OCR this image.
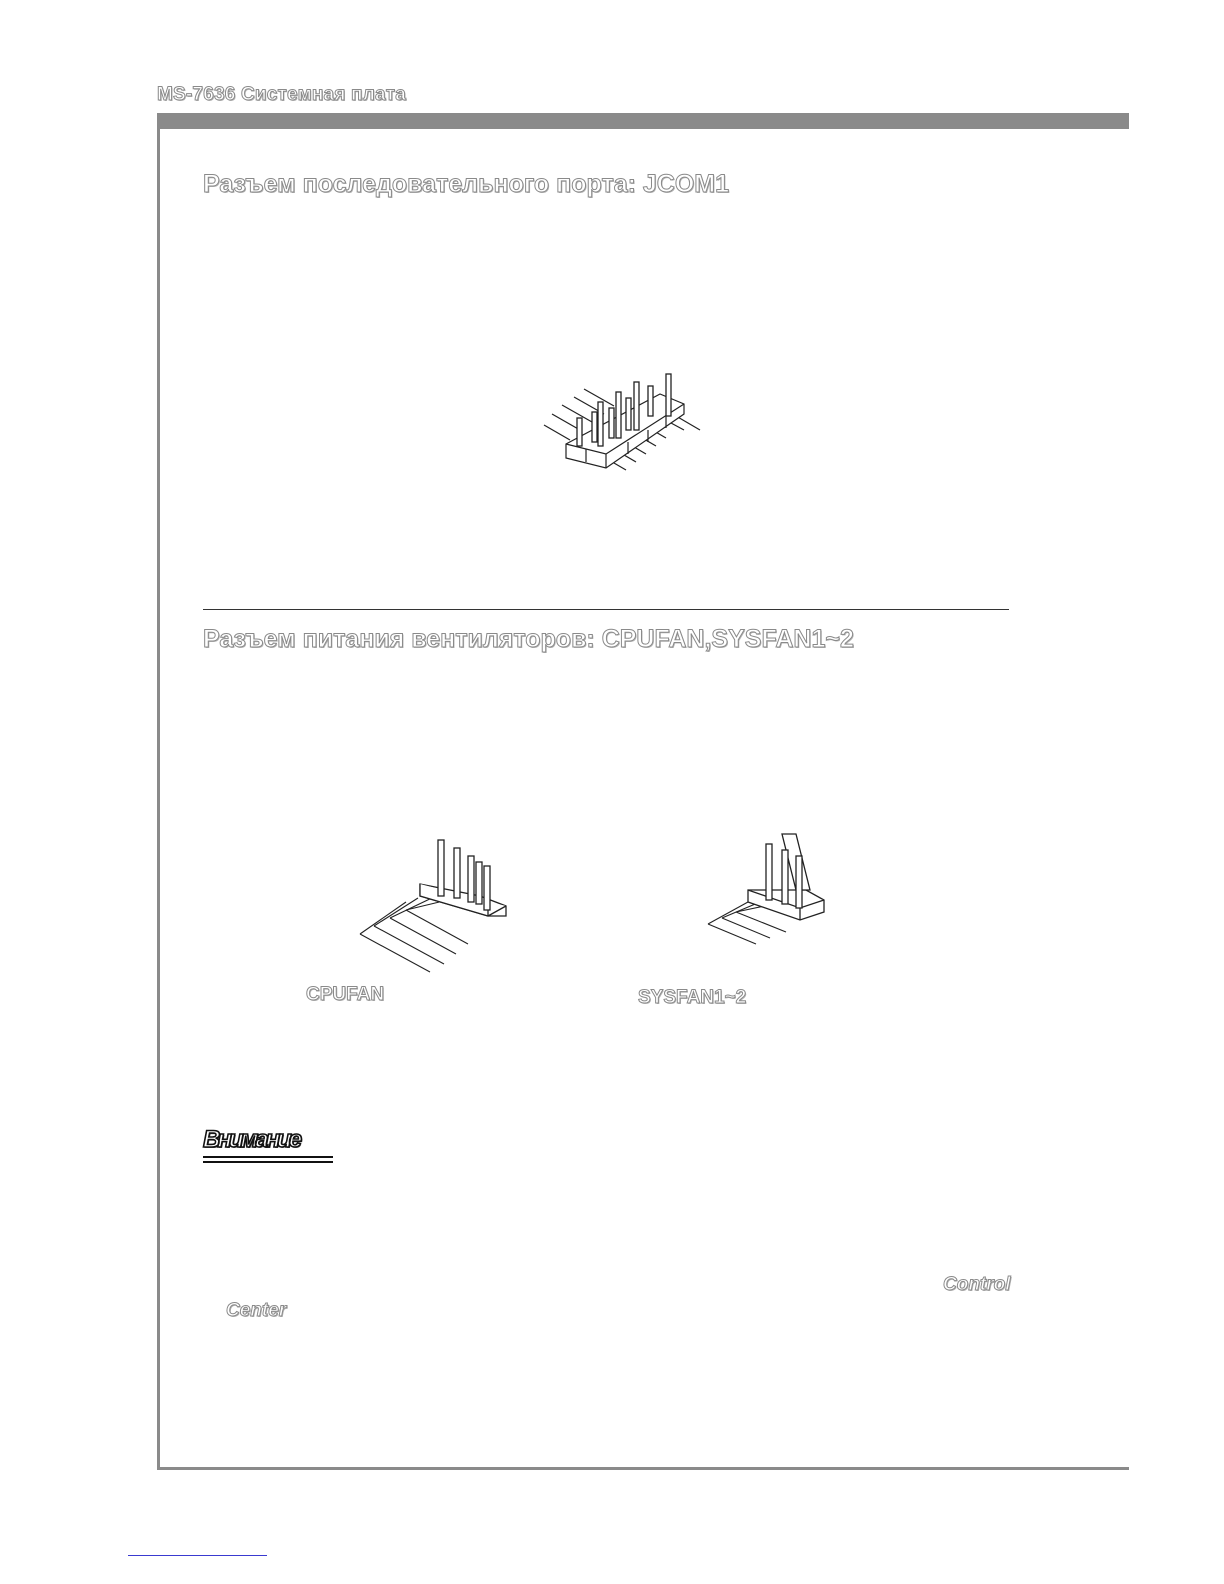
MS-7636 Системная плата
Разъем последовательного порта: JCOM1
Разъем питания вентиляторов: CPUFAN,SYSFAN1~2
CPUFAN	SYSFAN1~2
Внимание
Control
Center
